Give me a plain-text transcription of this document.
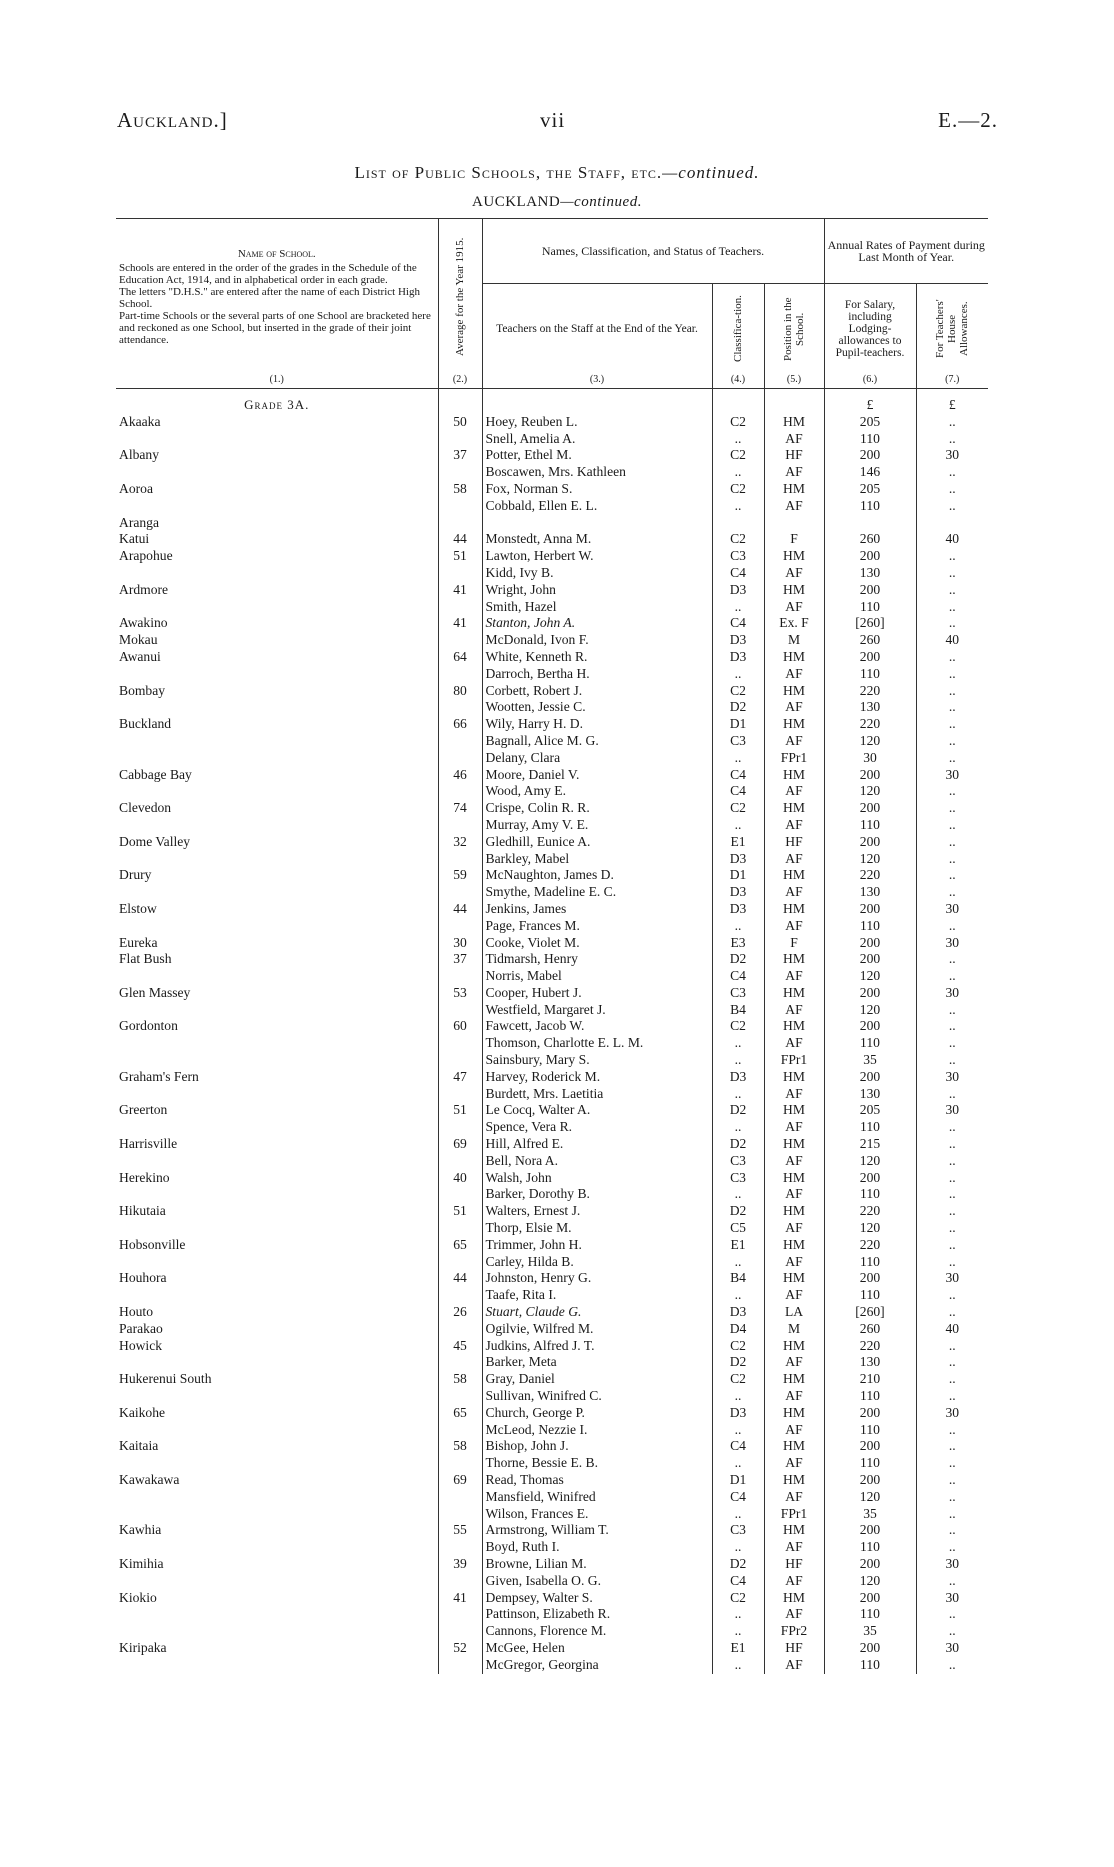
Auckland.]	vii	E.—2.
List of Public Schools, the Staff, etc.—continued.
AUCKLAND—continued.
Name of School.
Schools are entered in the order of the grades in the Schedule of the Education Act, 1914, and in alphabetical order in each grade.
The letters "D.H.S." are entered after the name of each District High School.
Part-time Schools or the several parts of one School are bracketed here and reckoned as one School, but inserted in the grade of their joint attendance.	Average for the Year 1915.	Names, Classification, and Status of Teachers.			Annual Rates of Payment during Last Month of Year.	
		Teachers on the Staff at the End of the Year.	Classifica-tion.	Position in the School.	For Salary, including Lodging-allowances to Pupil-teachers.	For Teachers' House Allowances.

(1.)	(2.)	(3.)	(4.)	(5.)	(6.)	(7.)
Grade 3A.					£	£
Akaaka	50	Hoey, Reuben L.	C2	HM	205	..
		Snell, Amelia A.	..	AF	110	..
Albany	37	Potter, Ethel M.	C2	HF	200	30
		Boscawen, Mrs. Kathleen	..	AF	146	..
Aoroa	58	Fox, Norman S.	C2	HM	205	..
		Cobbald, Ellen E. L.	..	AF	110	..
Aranga						
Katui	44	Monstedt, Anna M.	C2	F	260	40
Arapohue	51	Lawton, Herbert W.	C3	HM	200	..
		Kidd, Ivy B.	C4	AF	130	..
Ardmore	41	Wright, John	D3	HM	200	..
		Smith, Hazel	..	AF	110	..
Awakino	41	Stanton, John A.	C4	Ex. F	[260]	..
Mokau		McDonald, Ivon F.	D3	M	260	40
Awanui	64	White, Kenneth R.	D3	HM	200	..
		Darroch, Bertha H.	..	AF	110	..
Bombay	80	Corbett, Robert J.	C2	HM	220	..
		Wootten, Jessie C.	D2	AF	130	..
Buckland	66	Wily, Harry H. D.	D1	HM	220	..
		Bagnall, Alice M. G.	C3	AF	120	..
		Delany, Clara	..	FPr1	30	..
Cabbage Bay	46	Moore, Daniel V.	C4	HM	200	30
		Wood, Amy E.	C4	AF	120	..
Clevedon	74	Crispe, Colin R. R.	C2	HM	200	..
		Murray, Amy V. E.	..	AF	110	..
Dome Valley	32	Gledhill, Eunice A.	E1	HF	200	..
		Barkley, Mabel	D3	AF	120	..
Drury	59	McNaughton, James D.	D1	HM	220	..
		Smythe, Madeline E. C.	D3	AF	130	..
Elstow	44	Jenkins, James	D3	HM	200	30
		Page, Frances M.	..	AF	110	..
Eureka	30	Cooke, Violet M.	E3	F	200	30
Flat Bush	37	Tidmarsh, Henry	D2	HM	200	..
		Norris, Mabel	C4	AF	120	..
Glen Massey	53	Cooper, Hubert J.	C3	HM	200	30
		Westfield, Margaret J.	B4	AF	120	..
Gordonton	60	Fawcett, Jacob W.	C2	HM	200	..
		Thomson, Charlotte E. L. M.	..	AF	110	..
		Sainsbury, Mary S.	..	FPr1	35	..
Graham's Fern	47	Harvey, Roderick M.	D3	HM	200	30
		Burdett, Mrs. Laetitia	..	AF	130	..
Greerton	51	Le Cocq, Walter A.	D2	HM	205	30
		Spence, Vera R.	..	AF	110	..
Harrisville	69	Hill, Alfred E.	D2	HM	215	..
		Bell, Nora A.	C3	AF	120	..
Herekino	40	Walsh, John	C3	HM	200	..
		Barker, Dorothy B.	..	AF	110	..
Hikutaia	51	Walters, Ernest J.	D2	HM	220	..
		Thorp, Elsie M.	C5	AF	120	..
Hobsonville	65	Trimmer, John H.	E1	HM	220	..
		Carley, Hilda B.	..	AF	110	..
Houhora	44	Johnston, Henry G.	B4	HM	200	30
		Taafe, Rita I.	..	AF	110	..
Houto	26	Stuart, Claude G.	D3	LA	[260]	..
Parakao		Ogilvie, Wilfred M.	D4	M	260	40
Howick	45	Judkins, Alfred J. T.	C2	HM	220	..
		Barker, Meta	D2	AF	130	..
Hukerenui South	58	Gray, Daniel	C2	HM	210	..
		Sullivan, Winifred C.	..	AF	110	..
Kaikohe	65	Church, George P.	D3	HM	200	30
		McLeod, Nezzie I.	..	AF	110	..
Kaitaia	58	Bishop, John J.	C4	HM	200	..
		Thorne, Bessie E. B.	..	AF	110	..
Kawakawa	69	Read, Thomas	D1	HM	200	..
		Mansfield, Winifred	C4	AF	120	..
		Wilson, Frances E.	..	FPr1	35	..
Kawhia	55	Armstrong, William T.	C3	HM	200	..
		Boyd, Ruth I.	..	AF	110	..
Kimihia	39	Browne, Lilian M.	D2	HF	200	30
		Given, Isabella O. G.	C4	AF	120	..
Kiokio	41	Dempsey, Walter S.	C2	HM	200	30
		Pattinson, Elizabeth R.	..	AF	110	..
		Cannons, Florence M.	..	FPr2	35	..
Kiripaka	52	McGee, Helen	E1	HF	200	30
		McGregor, Georgina	..	AF	110	..
